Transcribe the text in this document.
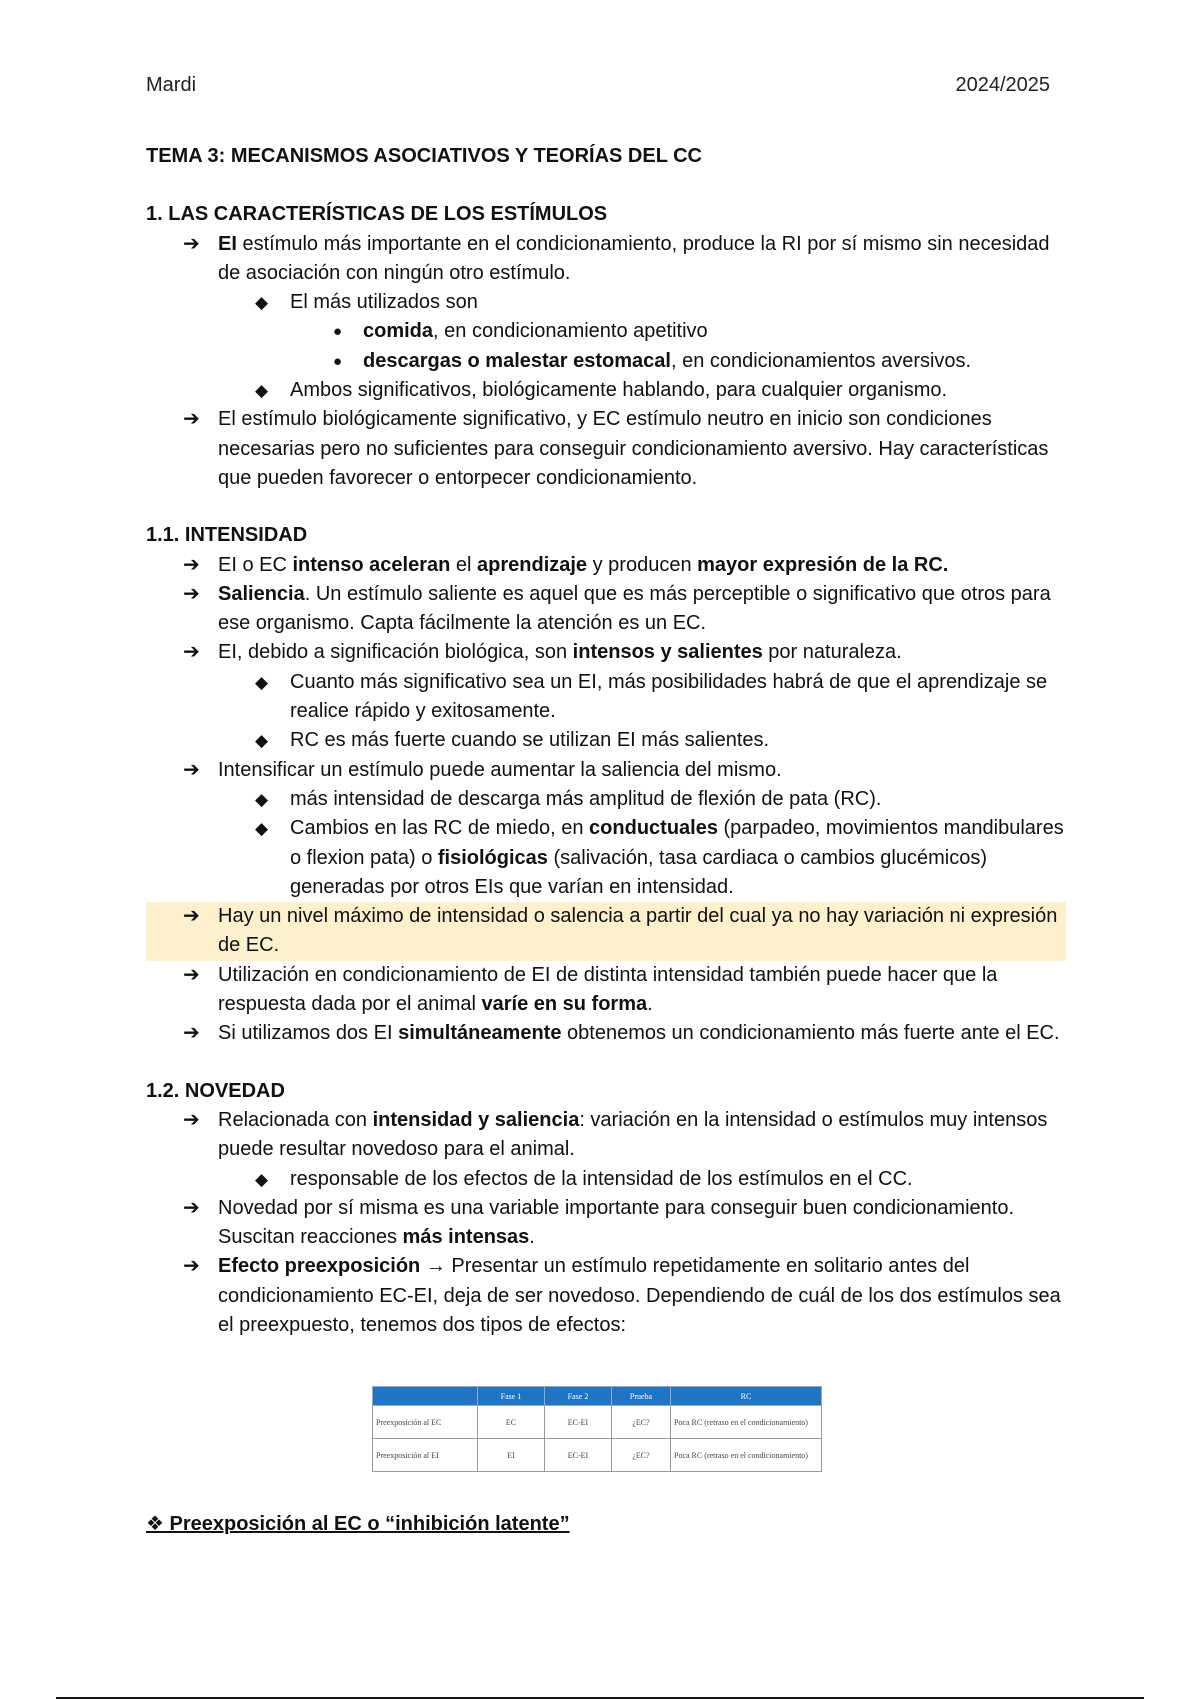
Mardi	2024/2025
TEMA 3: MECANISMOS ASOCIATIVOS Y TEORÍAS DEL CC
1. LAS CARACTERÍSTICAS DE LOS ESTÍMULOS
➔ EI estímulo más importante en el condicionamiento, produce la RI por sí mismo sin necesidad de asociación con ningún otro estímulo.
◆ El más utilizados son
● comida, en condicionamiento apetitivo
● descargas o malestar estomacal, en condicionamientos aversivos.
◆ Ambos significativos, biológicamente hablando, para cualquier organismo.
➔ El estímulo biológicamente significativo, y EC estímulo neutro en inicio son condiciones necesarias pero no suficientes para conseguir condicionamiento aversivo. Hay características que pueden favorecer o entorpecer condicionamiento.
1.1. INTENSIDAD
➔ EI o EC intenso aceleran el aprendizaje y producen mayor expresión de la RC.
➔ Saliencia. Un estímulo saliente es aquel que es más perceptible o significativo que otros para ese organismo. Capta fácilmente la atención es un EC.
➔ EI, debido a significación biológica, son intensos y salientes por naturaleza.
◆ Cuanto más significativo sea un EI, más posibilidades habrá de que el aprendizaje se realice rápido y exitosamente.
◆ RC es más fuerte cuando se utilizan EI más salientes.
➔ Intensificar un estímulo puede aumentar la saliencia del mismo.
◆ más intensidad de descarga más amplitud de flexión de pata (RC).
◆ Cambios en las RC de miedo, en conductuales (parpadeo, movimientos mandibulares o flexion pata) o fisiológicas (salivación, tasa cardiaca o cambios glucémicos) generadas por otros EIs que varían en intensidad.
➔ Hay un nivel máximo de intensidad o salencia a partir del cual ya no hay variación ni expresión de EC.
➔ Utilización en condicionamiento de EI de distinta intensidad también puede hacer que la respuesta dada por el animal varíe en su forma.
➔ Si utilizamos dos EI simultáneamente obtenemos un condicionamiento más fuerte ante el EC.
1.2. NOVEDAD
➔ Relacionada con intensidad y saliencia: variación en la intensidad o estímulos muy intensos puede resultar novedoso para el animal.
◆ responsable de los efectos de la intensidad de los estímulos en el CC.
➔ Novedad por sí misma es una variable importante para conseguir buen condicionamiento. Suscitan reacciones más intensas.
➔ Efecto preexposición → Presentar un estímulo repetidamente en solitario antes del condicionamiento EC-EI, deja de ser novedoso. Dependiendo de cuál de los dos estímulos sea el preexpuesto, tenemos dos tipos de efectos:
	Fase 1	Fase 2	Prueba	RC
Preexposición al EC	EC	EC-EI	¿EC?	Poca RC (retraso en el condicionamiento)
Preexposición al EI	EI	EC-EI	¿EC?	Poca RC (retraso en el condicionamiento)
❖ Preexposición al EC o “inhibición latente”
